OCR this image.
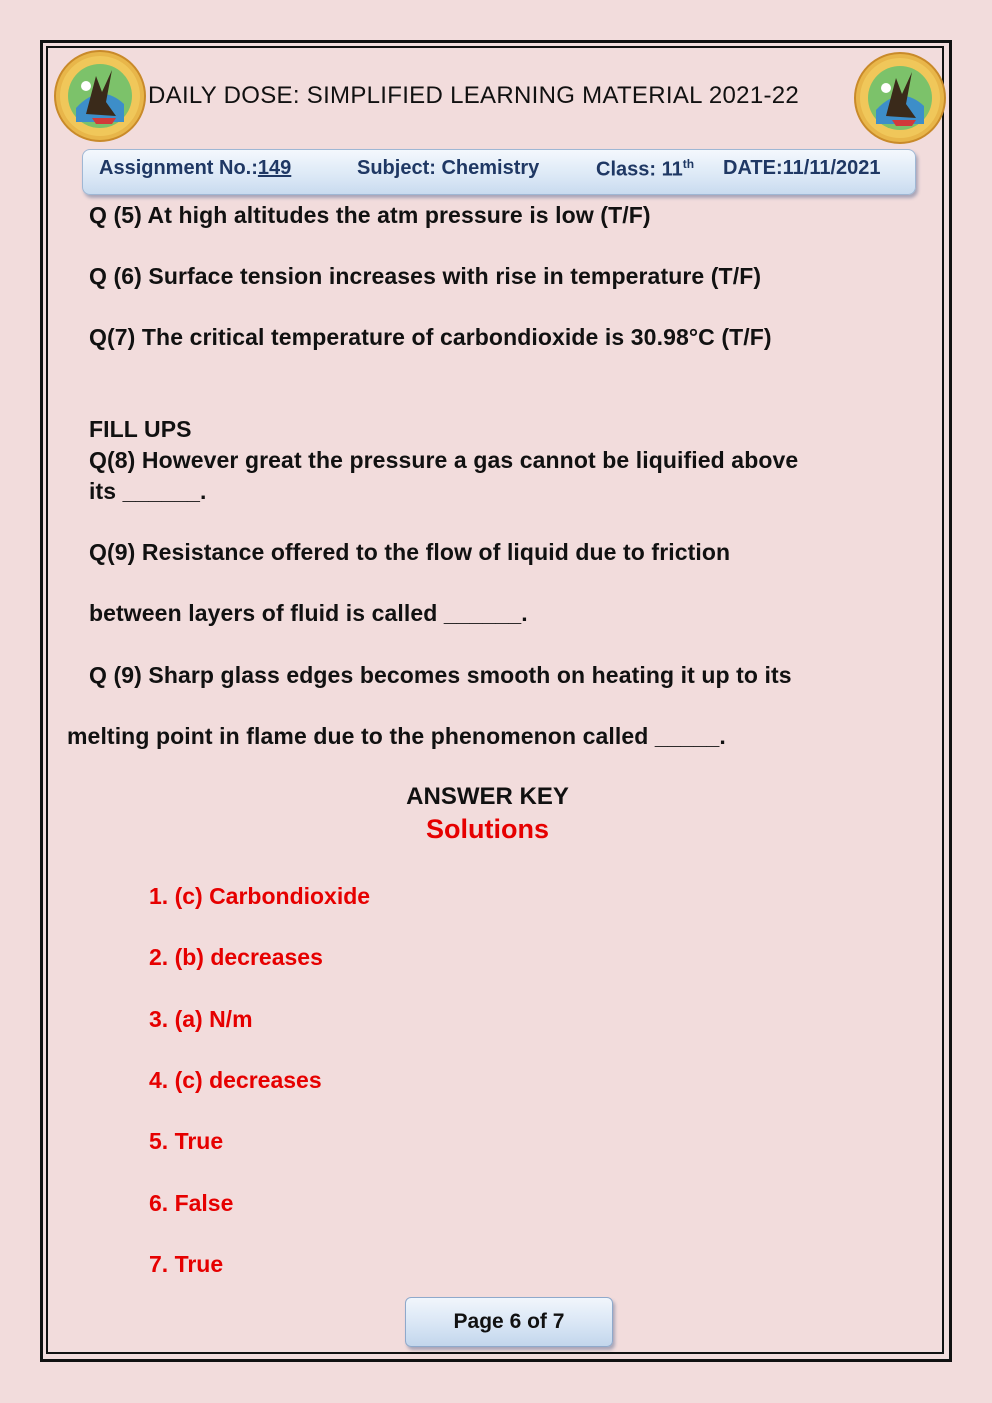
DAILY DOSE: SIMPLIFIED LEARNING MATERIAL 2021-22
Assignment No.:149	Subject: Chemistry	Class: 11th DATE:11/11/2021
Q (5) At high altitudes the atm pressure is low (T/F)
Q (6) Surface tension increases with rise in temperature (T/F)
Q(7) The critical temperature of carbondioxide is 30.98°C (T/F)
FILL UPS
Q(8) However great the pressure a gas cannot be liquified above
its ______.
Q(9) Resistance offered to the flow of liquid due to friction
between layers of fluid is called ______.
Q (9) Sharp glass edges becomes smooth on heating it up to its
melting point in flame due to the phenomenon called _____.
ANSWER KEY
Solutions
1. (c) Carbondioxide
2. (b) decreases
3. (a) N/m
4. (c) decreases
5. True
6. False
7. True
Page 6 of 7
